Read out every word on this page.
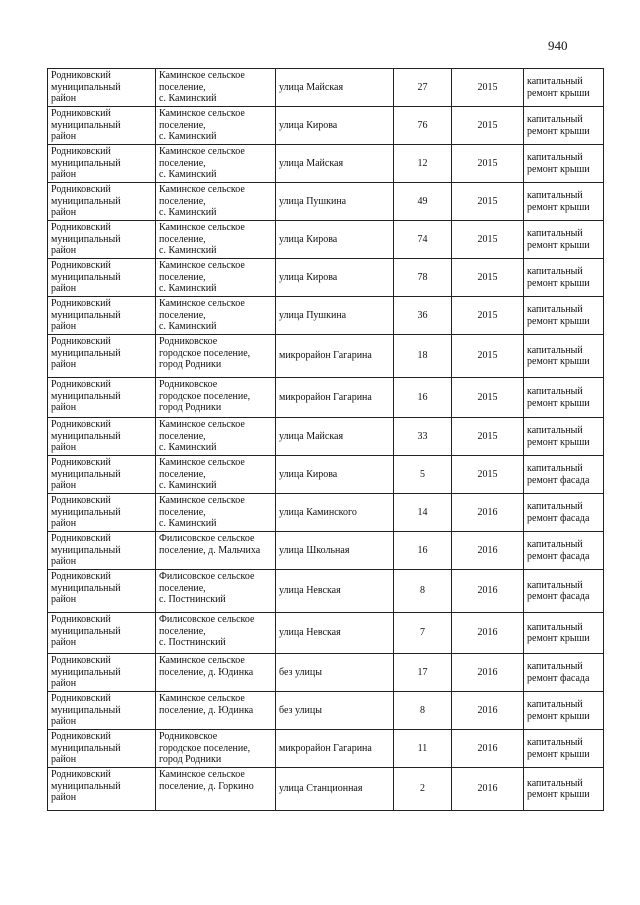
940
Родниковский
муниципальный
район	Каминское сельское
поселение,
с. Каминский	улица Майская	27	2015	капитальный
ремонт крыши

Родниковский
муниципальный
район	Каминское сельское
поселение,
с. Каминский	улица Кирова	76	2015	капитальный
ремонт крыши

Родниковский
муниципальный
район	Каминское сельское
поселение,
с. Каминский	улица Майская	12	2015	капитальный
ремонт крыши

Родниковский
муниципальный
район	Каминское сельское
поселение,
с. Каминский	улица Пушкина	49	2015	капитальный
ремонт крыши

Родниковский
муниципальный
район	Каминское сельское
поселение,
с. Каминский	улица Кирова	74	2015	капитальный
ремонт крыши

Родниковский
муниципальный
район	Каминское сельское
поселение,
с. Каминский	улица Кирова	78	2015	капитальный
ремонт крыши

Родниковский
муниципальный
район	Каминское сельское
поселение,
с. Каминский	улица Пушкина	36	2015	капитальный
ремонт крыши

Родниковский
муниципальный
район	Родниковское
городское поселение,
город Родники	микрорайон Гагарина	18	2015	капитальный
ремонт крыши

Родниковский
муниципальный
район	Родниковское
городское поселение,
город Родники	микрорайон Гагарина	16	2015	капитальный
ремонт крыши

Родниковский
муниципальный
район	Каминское сельское
поселение,
с. Каминский	улица Майская	33	2015	капитальный
ремонт крыши

Родниковский
муниципальный
район	Каминское сельское
поселение,
с. Каминский	улица Кирова	5	2015	капитальный
ремонт фасада

Родниковский
муниципальный
район	Каминское сельское
поселение,
с. Каминский	улица Каминского	14	2016	капитальный
ремонт фасада

Родниковский
муниципальный
район	Филисовское сельское
поселение, д. Мальчиха	улица Школьная	16	2016	капитальный
ремонт фасада

Родниковский
муниципальный
район	Филисовское сельское
поселение,
с. Постнинский	улица Невская	8	2016	капитальный
ремонт фасада

Родниковский
муниципальный
район	Филисовское сельское
поселение,
с. Постнинский	улица Невская	7	2016	капитальный
ремонт крыши

Родниковский
муниципальный
район	Каминское сельское
поселение, д. Юдинка	без улицы	17	2016	капитальный
ремонт фасада

Родниковский
муниципальный
район	Каминское сельское
поселение, д. Юдинка	без улицы	8	2016	капитальный
ремонт крыши

Родниковский
муниципальный
район	Родниковское
городское поселение,
город Родники	микрорайон Гагарина	11	2016	капитальный
ремонт крыши

Родниковский
муниципальный
район	Каминское сельское
поселение, д. Горкино	улица Станционная	2	2016	капитальный
ремонт крыши
